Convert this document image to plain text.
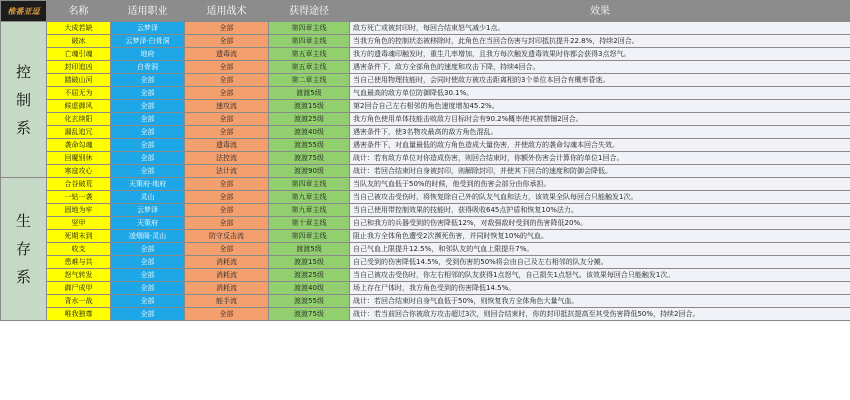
椎番亚逗	名称	适用职业	适用战术	获得途径	效果

控
制
系	大成若缺	云梦泽	全部	第四章主线	敌方死亡或被封印时，每回合结束怒气减少1点。
	破冰	云梦泽·白骨洞	全部	第四章主线	当我方角色的控制状态被移除时，此角色在当回合伤害与封印抵抗提升22.8%，持续2回合。
	亡魂引魂	地府	遗毒流	第五章主线	我方的遗毒魂印触发时，重生几率增加，且我方每次触发遗毒效果时你都会获得3点怒气。
	封印追凶	白骨洞	全部	第五章主线	遇害条件下，敌方全部角色的速度和攻击下降，持续4回合。
	踏破山河	全部	全部	第二章主线	当自己使用物理技能时，会同时使敌方被攻击距离相的3个单位本回合有概率昏迷。
	不屈无为	全部	全部	渡渡5级	气血最高的敌方单位防御降低30.1%。
	候虚御风	全部	速攻流	渡渡15级	第2回合自己左右相邻的角色速度增加45.2%。
	化玄续阳	全部	全部	渡渡25级	我方角色使用单体技能击败敌方目标时会有90.2%概率使其被禁锢2回合。
	漏乱追冗	全部	全部	渡渡40级	遇害条件下，使3名物攻最高的敌方角色混乱。
	袭命勾魂	全部	遗毒流	渡渡55级	遇害条件下，对血量最低的敌方角色造成大量伤害，并使敌方的袭命勾魂本回合失效。
	回魔别休	全部	法控流	渡渡75级	战计：若有敌方单位对你造成伤害，则回合结束时，你额外伤害会计算你的单位1回合。
	寒寇攻心	全部	法计流	渡渡90级	战计：若回合结束时自身被封印，则解除封印，并使其下回合的速度和防御会降低。

生
存
系	合谷破荒	天策府·地府	全部	第四章主线	当队友的气血低于50%的时候，他受到的伤害会部分由你承担。
	一钻一袭	灵山	全部	第九章主线	当自己被攻击受伤时，将恢复除自己外的队友气血和法力，该效果全队每回合只能触发1次。
	固地为牢	云梦泽	全部	第九章主线	当自己使用带控制效果的技能时，获得吸收645点护盾和恢复10%法力。
	坚甲	天策府	全部	第十章主线	自己和我方的兵器受到的伤害降低12%，对敌强敌时受到的伤害降低20%。
	死期末到	凌烟阁·灵山	防守反击流	第四章主线	阻止我方全体角色遭受2次濒死伤害，并同时恢复10%的气血。
	收支	全部	全部	渡渡5级	自己气血上限提升12.5%，和邻队友的气血上限提升7%。
	患难与共	全部	消耗流	渡渡15级	自己受到的伤害降低14.5%，受到伤害的50%将会由自己及左右相邻的队友分摊。
	怒气转发	全部	消耗流	渡渡25级	当自己被攻击受伤时，你左右相邻的队友获得1点怒气，自己损失1点怒气。该效果每回合只能触发1次。
	御尸成甲	全部	消耗流	渡渡40级	场上存在尸体时，我方角色受到的伤害降低14.5%。
	背水一战	全部	能手流	渡渡55级	战计：若回合结束时自身气血低于50%，则恢复我方全体角色大量气血。
	唯我独尊	全部	全部	渡渡75级	战计：若当前回合你被敌方攻击超过3次，则回合结束时，你的封印抵抗提高至其受伤害降低50%，持续2回合。
